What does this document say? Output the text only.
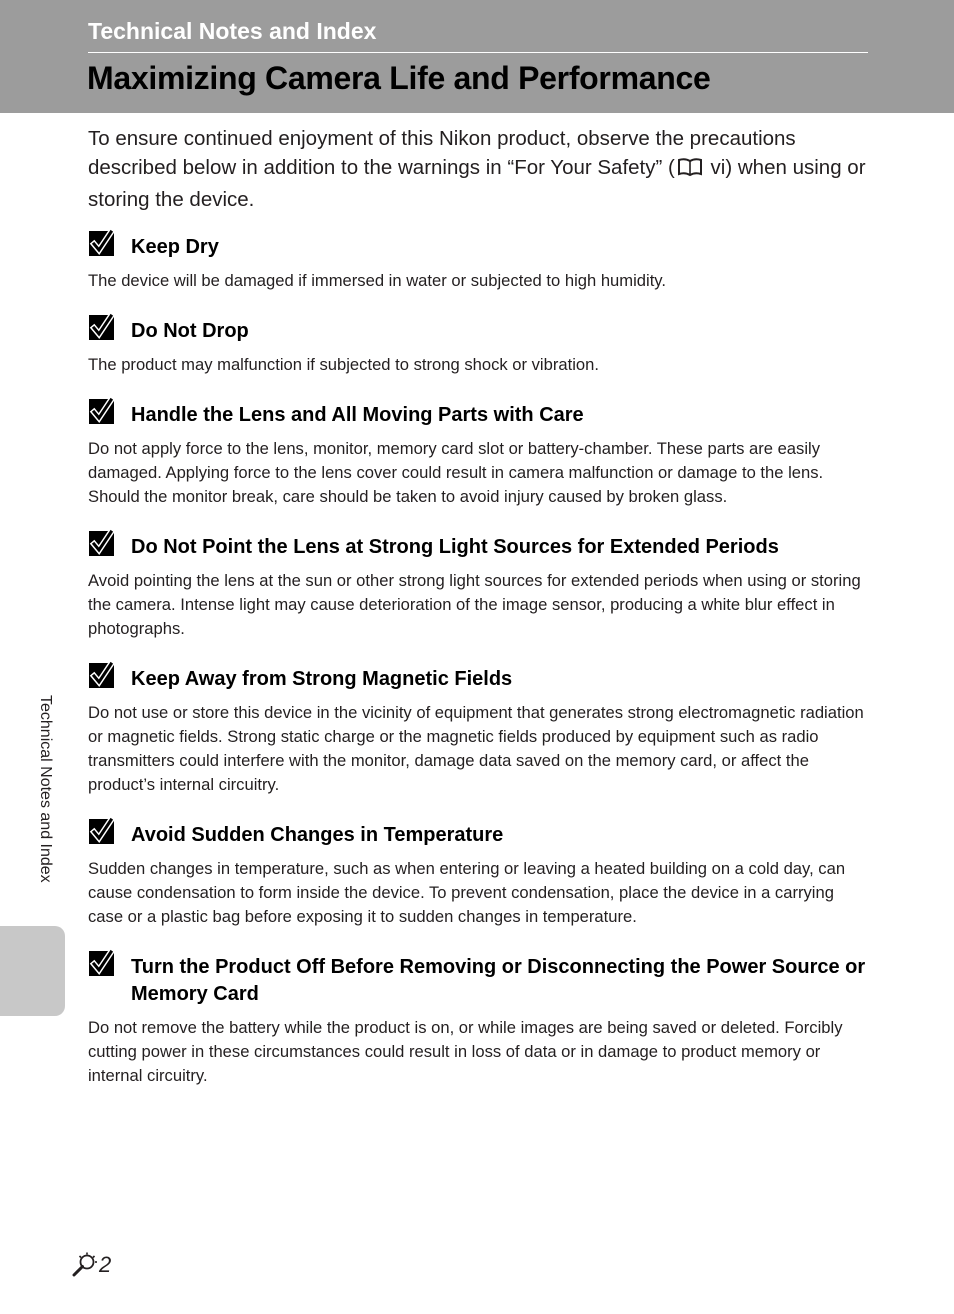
Technical Notes and Index
Maximizing Camera Life and Performance
To ensure continued enjoyment of this Nikon product, observe the precautions described below in addition to the warnings in “For Your Safety” ( vi) when using or storing the device.
Keep Dry
The device will be damaged if immersed in water or subjected to high humidity.
Do Not Drop
The product may malfunction if subjected to strong shock or vibration.
Handle the Lens and All Moving Parts with Care
Do not apply force to the lens, monitor, memory card slot or battery-chamber. These parts are easily damaged. Applying force to the lens cover could result in camera malfunction or damage to the lens. Should the monitor break, care should be taken to avoid injury caused by broken glass.
Do Not Point the Lens at Strong Light Sources for Extended Periods
Avoid pointing the lens at the sun or other strong light sources for extended periods when using or storing the camera. Intense light may cause deterioration of the image sensor, producing a white blur effect in photographs.
Keep Away from Strong Magnetic Fields
Do not use or store this device in the vicinity of equipment that generates strong electromagnetic radiation or magnetic fields. Strong static charge or the magnetic fields produced by equipment such as radio transmitters could interfere with the monitor, damage data saved on the memory card, or affect the product’s internal circuitry.
Avoid Sudden Changes in Temperature
Sudden changes in temperature, such as when entering or leaving a heated building on a cold day, can cause condensation to form inside the device. To prevent condensation, place the device in a carrying case or a plastic bag before exposing it to sudden changes in temperature.
Turn the Product Off Before Removing or Disconnecting the Power Source or Memory Card
Do not remove the battery while the product is on, or while images are being saved or deleted. Forcibly cutting power in these circumstances could result in loss of data or in damage to product memory or internal circuitry.
Technical Notes and Index
2
